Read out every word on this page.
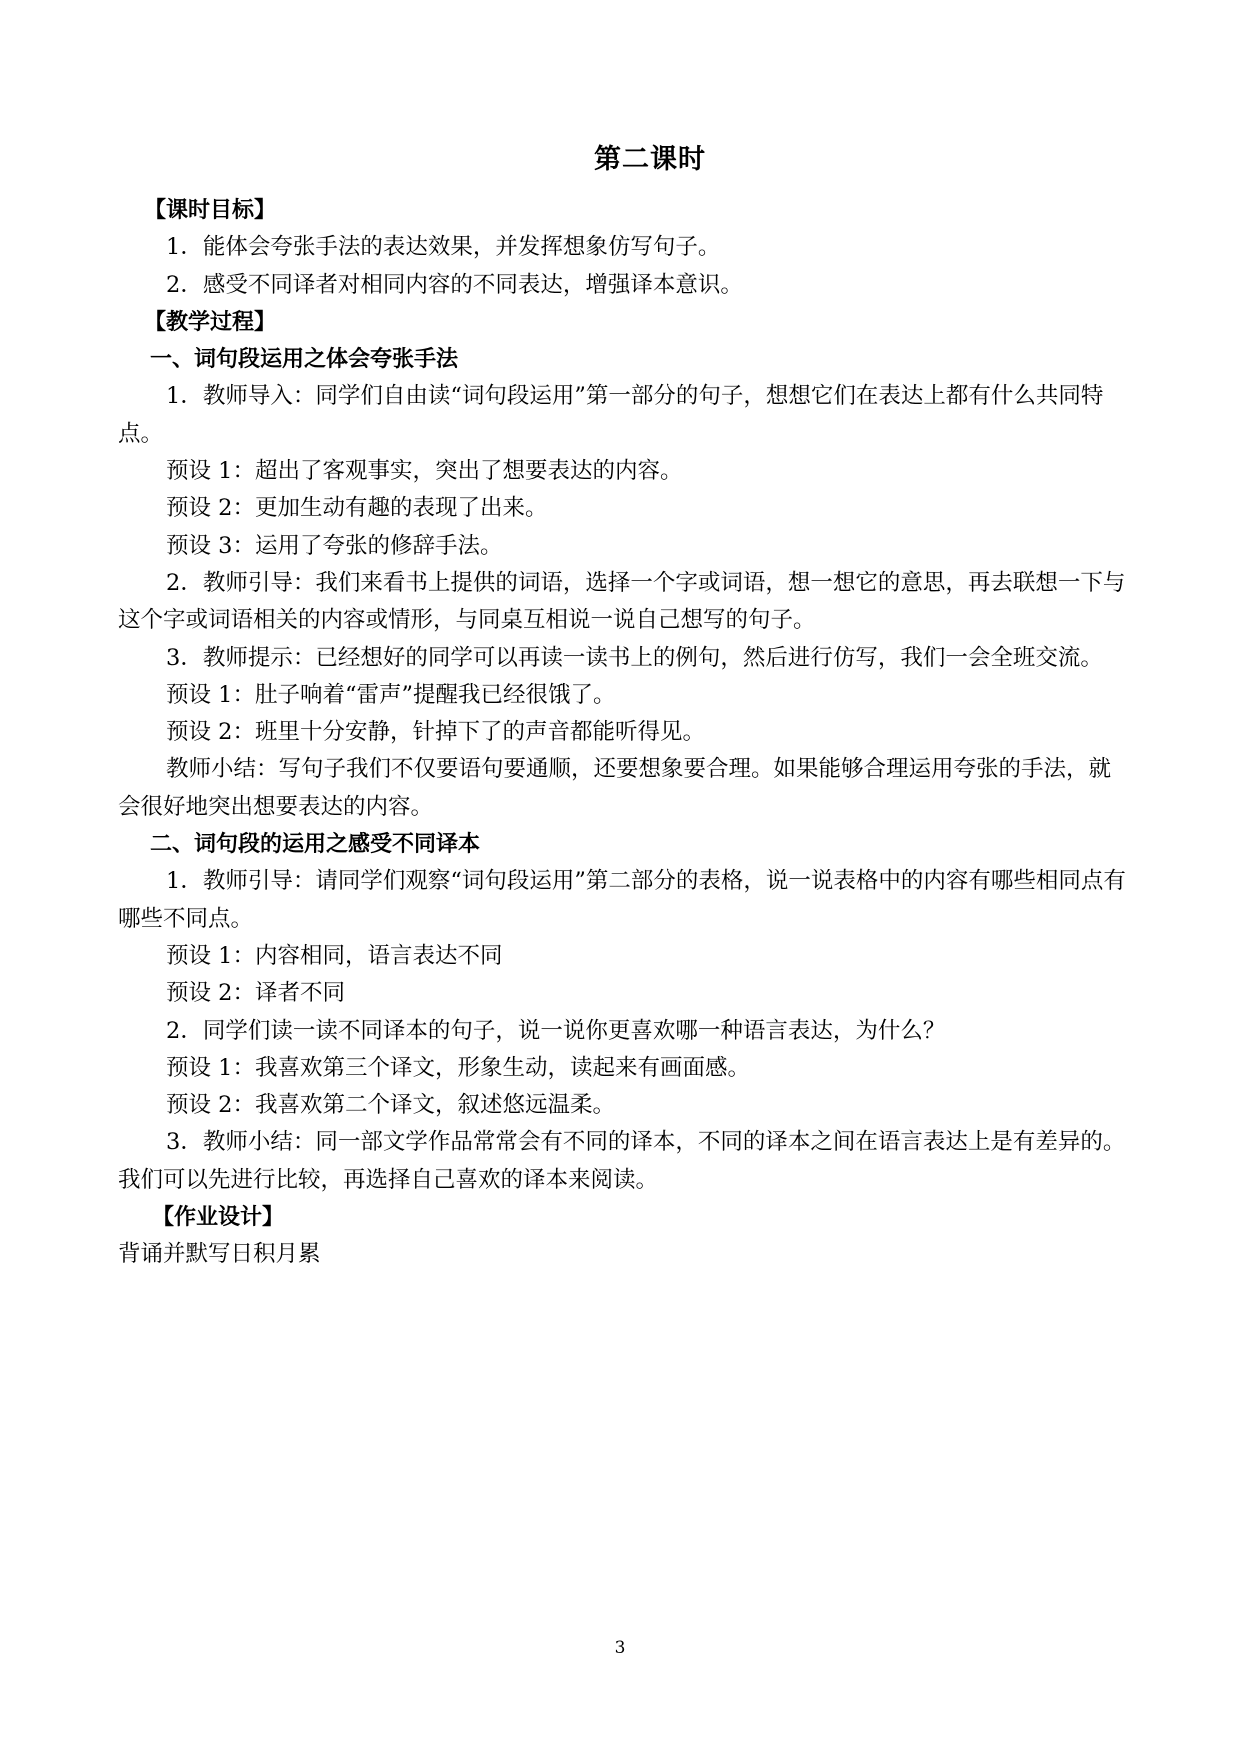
第二课时

【课时目标】

1．能体会夸张手法的表达效果，并发挥想象仿写句子。

2．感受不同译者对相同内容的不同表达，增强译本意识。

【教学过程】

一、词句段运用之体会夸张手法

1．教师导入：同学们自由读“词句段运用”第一部分的句子，想想它们在表达上都有什么共同特点。

预设 1：超出了客观事实，突出了想要表达的内容。

预设 2：更加生动有趣的表现了出来。

预设 3：运用了夸张的修辞手法。

2．教师引导：我们来看书上提供的词语，选择一个字或词语，想一想它的意思，再去联想一下与这个字或词语相关的内容或情形，与同桌互相说一说自己想写的句子。

3．教师提示：已经想好的同学可以再读一读书上的例句，然后进行仿写，我们一会全班交流。

预设 1：肚子响着“雷声”提醒我已经很饿了。

预设 2：班里十分安静，针掉下了的声音都能听得见。

教师小结：写句子我们不仅要语句要通顺，还要想象要合理。如果能够合理运用夸张的手法，就会很好地突出想要表达的内容。

二、词句段的运用之感受不同译本

1．教师引导：请同学们观察“词句段运用”第二部分的表格，说一说表格中的内容有哪些相同点有哪些不同点。

预设 1：内容相同，语言表达不同

预设 2：译者不同

2．同学们读一读不同译本的句子，说一说你更喜欢哪一种语言表达，为什么？

预设 1：我喜欢第三个译文，形象生动，读起来有画面感。

预设 2：我喜欢第二个译文，叙述悠远温柔。

3．教师小结：同一部文学作品常常会有不同的译本，不同的译本之间在语言表达上是有差异的。我们可以先进行比较，再选择自己喜欢的译本来阅读。

【作业设计】

背诵并默写日积月累

3
